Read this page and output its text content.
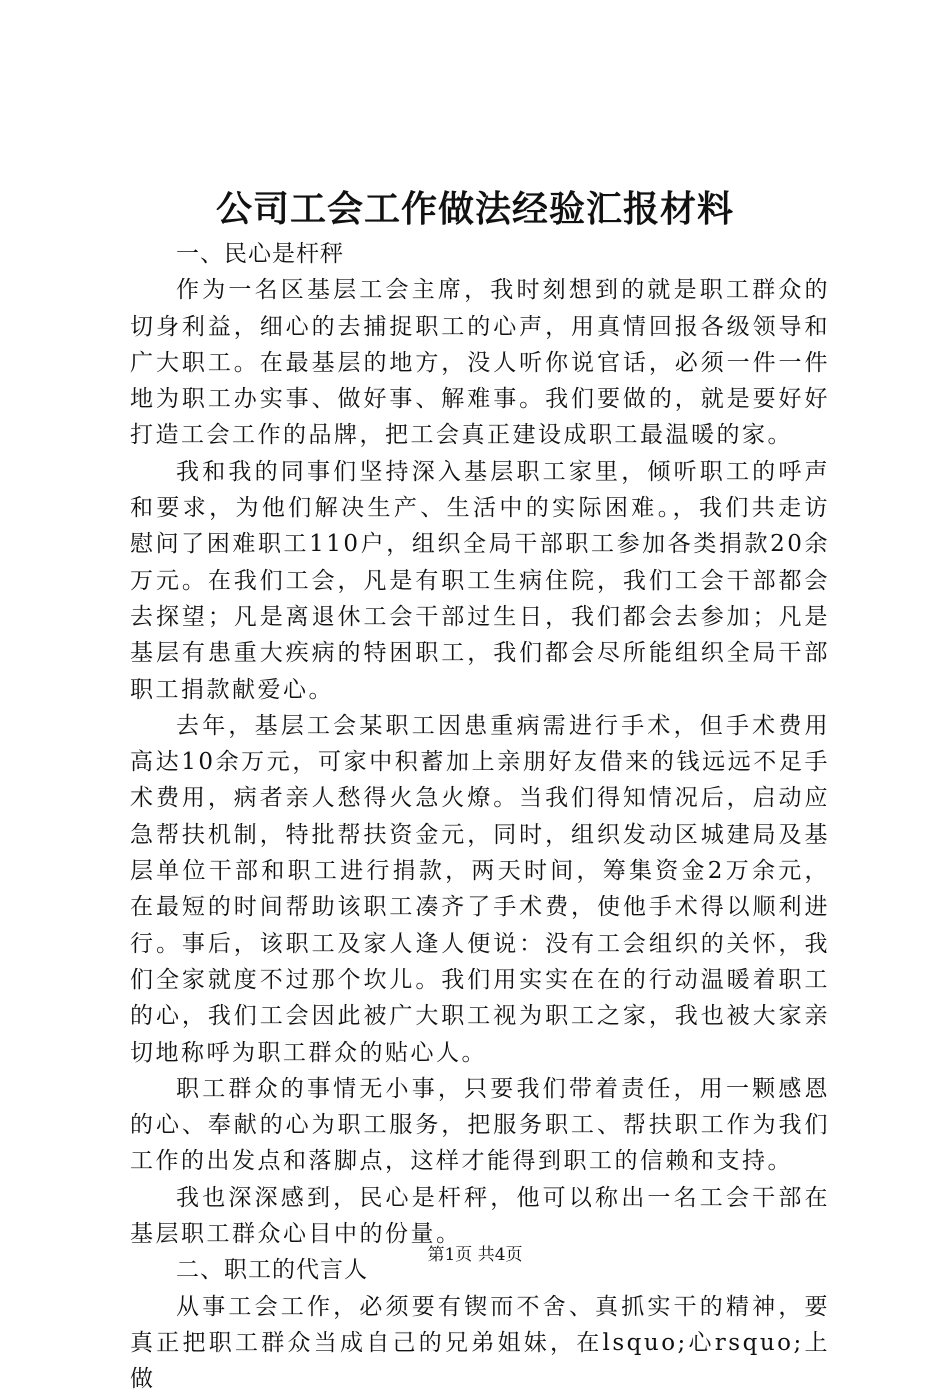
公司工会工作做法经验汇报材料

一、民心是杆秤

作为一名区基层工会主席，我时刻想到的就是职工群众的切身利益，细心的去捕捉职工的心声，用真情回报各级领导和广大职工。在最基层的地方，没人听你说官话，必须一件一件地为职工办实事、做好事、解难事。我们要做的，就是要好好打造工会工作的品牌，把工会真正建设成职工最温暖的家。

我和我的同事们坚持深入基层职工家里，倾听职工的呼声和要求，为他们解决生产、生活中的实际困难。，我们共走访慰问了困难职工110户，组织全局干部职工参加各类捐款20余万元。在我们工会，凡是有职工生病住院，我们工会干部都会去探望；凡是离退休工会干部过生日，我们都会去参加；凡是基层有患重大疾病的特困职工，我们都会尽所能组织全局干部职工捐款献爱心。

去年，基层工会某职工因患重病需进行手术，但手术费用高达10余万元，可家中积蓄加上亲朋好友借来的钱远远不足手术费用，病者亲人愁得火急火燎。当我们得知情况后，启动应急帮扶机制，特批帮扶资金元，同时，组织发动区城建局及基层单位干部和职工进行捐款，两天时间，筹集资金2万余元，在最短的时间帮助该职工凑齐了手术费，使他手术得以顺利进行。事后，该职工及家人逢人便说：没有工会组织的关怀，我们全家就度不过那个坎儿。我们用实实在在的行动温暖着职工的心，我们工会因此被广大职工视为职工之家，我也被大家亲切地称呼为职工群众的贴心人。

职工群众的事情无小事，只要我们带着责任，用一颗感恩的心、奉献的心为职工服务，把服务职工、帮扶职工作为我们工作的出发点和落脚点，这样才能得到职工的信赖和支持。

我也深深感到，民心是杆秤，他可以称出一名工会干部在基层职工群众心目中的份量。

二、职工的代言人

从事工会工作，必须要有锲而不舍、真抓实干的精神，要真正把职工群众当成自己的兄弟姐妹，在lsquo;心rsquo;上做

第1页 共4页
